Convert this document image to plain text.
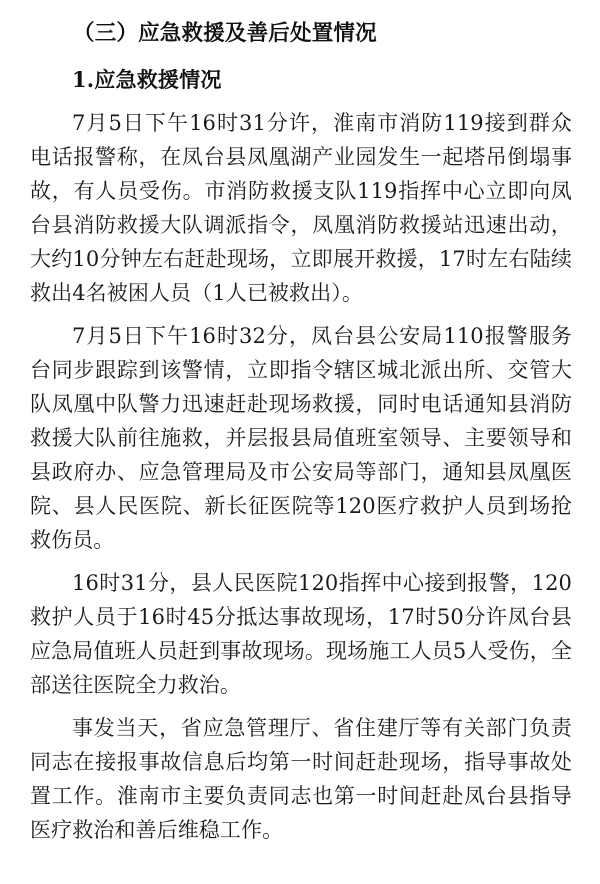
（三）应急救援及善后处置情况
1.应急救援情况

7月5日下午16时31分许，淮南市消防119接到群众电话报警称，在凤台县凤凰湖产业园发生一起塔吊倒塌事故，有人员受伤。市消防救援支队119指挥中心立即向凤台县消防救援大队调派指令，凤凰消防救援站迅速出动，大约10分钟左右赶赴现场，立即展开救援，17时左右陆续救出4名被困人员（1人已被救出）。

7月5日下午16时32分，凤台县公安局110报警服务台同步跟踪到该警情，立即指令辖区城北派出所、交管大队凤凰中队警力迅速赶赴现场救援，同时电话通知县消防救援大队前往施救，并层报县局值班室领导、主要领导和县政府办、应急管理局及市公安局等部门，通知县凤凰医院、县人民医院、新长征医院等120医疗救护人员到场抢救伤员。

16时31分，县人民医院120指挥中心接到报警，120救护人员于16时45分抵达事故现场，17时50分许凤台县应急局值班人员赶到事故现场。现场施工人员5人受伤，全部送往医院全力救治。

事发当天，省应急管理厅、省住建厅等有关部门负责同志在接报事故信息后均第一时间赶赴现场，指导事故处置工作。淮南市主要负责同志也第一时间赶赴凤台县指导医疗救治和善后维稳工作。
